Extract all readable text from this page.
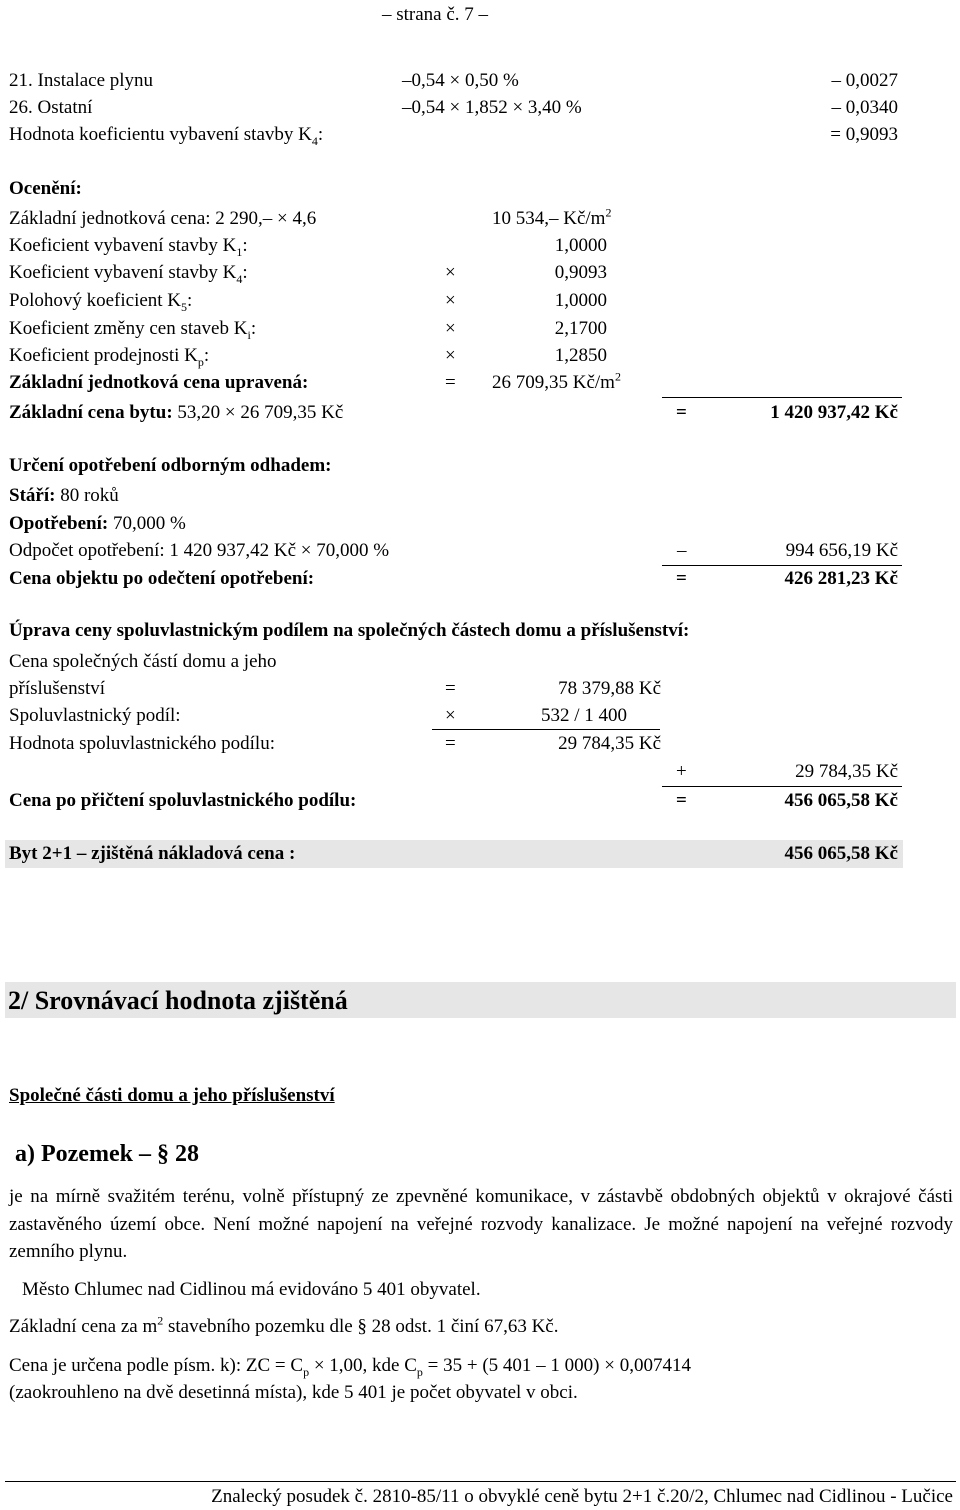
– strana č. 7 –
21. Instalace plynu	–0,54 × 0,50 %	– 0,0027
26. Ostatní	–0,54 × 1,852 × 3,40 %	– 0,0340
Hodnota koeficientu vybavení stavby $K_4$:	= 0,9093
Ocenění:
Základní jednotková cena: 2 290,– × 4,6	10 534,– $Kč/m^2$
Koeficient vybavení stavby $K_1$:	1,0000
Koeficient vybavení stavby $K_4$:	×	0,9093
Polohový koeficient $K_5$:	×	1,0000
Koeficient změny cen staveb $K_i$:	×	2,1700
Koeficient prodejnosti $K_p$:	×	1,2850
Základní jednotková cena upravená:	= 26 709,35 $Kč/m^2$
Základní cena bytu: 53,20 × 26 709,35 Kč	=	1 420 937,42 Kč
Určení opotřebení odborným odhadem:
Stáří: 80 roků
Opotřebení: 70,000 %
Odpočet opotřebení: 1 420 937,42 Kč × 70,000 %	–	994 656,19 Kč
Cena objektu po odečtení opotřebení:	=	426 281,23 Kč
Úprava ceny spoluvlastnickým podílem na společných částech domu a příslušenství:
Cena společných částí domu a jeho
příslušenství	=	78 379,88 Kč
Spoluvlastnický podíl:	×	532 / 1 400
Hodnota spoluvlastnického podílu:	=	29 784,35 Kč
+	29 784,35 Kč
Cena po přičtení spoluvlastnického podílu:	=	456 065,58 Kč
Byt 2+1 – zjištěná nákladová cena :	456 065,58 Kč
2/ Srovnávací hodnota zjištěná
Společné části domu a jeho příslušenství
a) Pozemek – § 28
je na mírně svažitém terénu, volně přístupný ze zpevněné komunikace, v zástavbě obdobných objektů v okrajové části zastavěného území obce. Není možné napojení na veřejné rozvody kanalizace. Je možné napojení na veřejné rozvody zemního plynu.
Město Chlumec nad Cidlinou má evidováno 5 401 obyvatel.
Základní cena za $m^2$ stavebního pozemku dle § 28 odst. 1 činí 67,63 Kč.
Cena je určena podle písm. k): ZC = $C_p \times 1,00$, kde $C_p = 35 + (5$ 401 – 1 000) × 0,007414
(zaokrouhleno na dvě desetinná místa), kde 5 401 je počet obyvatel v obci.
Znalecký posudek č. 2810-85/11 o obvyklé ceně bytu 2+1 č.20/2, Chlumec nad Cidlinou - Lučice
